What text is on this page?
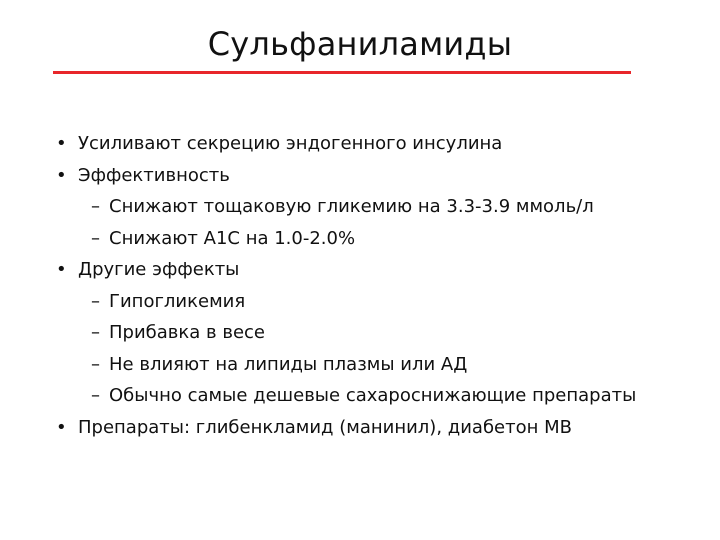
Сульфаниламиды
• Усиливают секрецию эндогенного инсулина
• Эффективность
– Снижают тощаковую гликемию на 3.3-3.9 ммоль/л
– Снижают А1С на 1.0-2.0%
• Другие эффекты
– Гипогликемия
– Прибавка в весе
– Не влияют на липиды плазмы или АД
– Обычно самые дешевые сахароснижающие препараты
• Препараты: глибенкламид (манинил), диабетон MB
